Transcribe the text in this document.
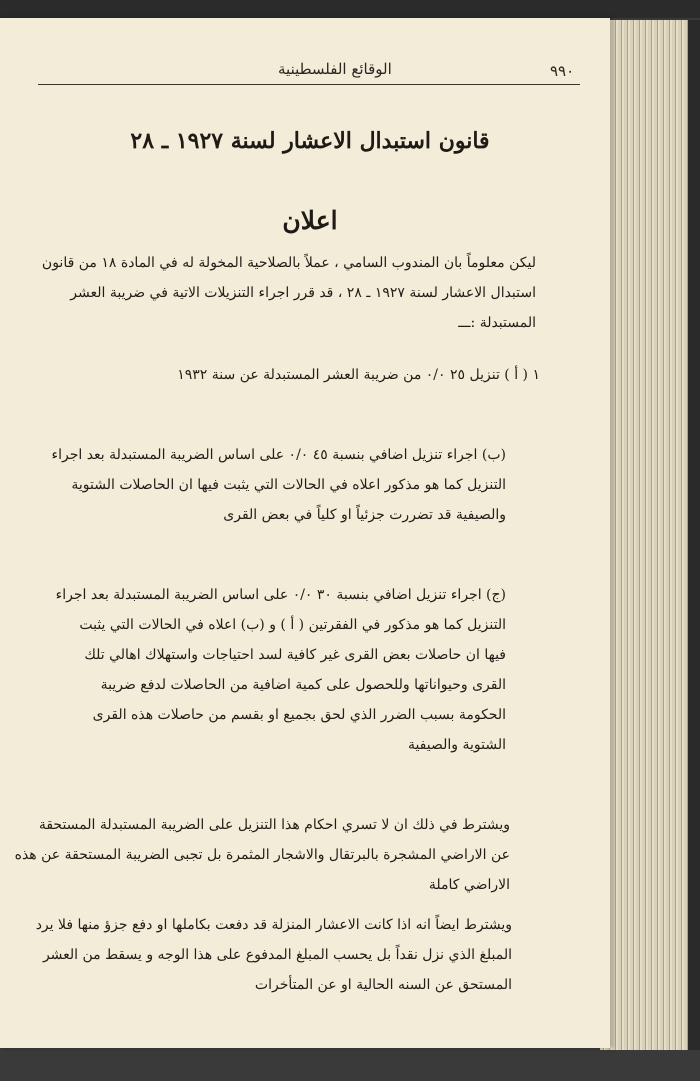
٩٩٠
الوقائع الفلسطينية
قانون استبدال الاعشار لسنة ١٩٢٧ ـ ٢٨
اعلان
ليكن معلوماً بان المندوب السامي ، عملاً بالصلاحية المخولة له في المادة ١٨ من قانون
استبدال الاعشار لسنة ١٩٢٧ ـ ٢٨ ، قد قرر اجراء التنزيلات الاتية في ضريبة العشر
المستبدلة :ـــ
١ ( أ ) تنزيل ٢٥ ٠/٠ من ضريبة العشر المستبدلة عن سنة ١٩٣٢
(ب) اجراء تنزيل اضافي بنسبة ٤٥ ٠/٠ على اساس الضريبة المستبدلة بعد اجراء
التنزيل كما هو مذكور اعلاه في الحالات التي يثبت فيها ان الحاصلات الشتوية
والصيفية قد تضررت جزئياً او كلياً في بعض القرى
(ج) اجراء تنزيل اضافي بنسبة ٣٠ ٠/٠ على اساس الضريبة المستبدلة بعد اجراء
التنزيل كما هو مذكور في الفقرتين ( أ ) و (ب) اعلاه في الحالات التي يثبت
فيها ان حاصلات بعض القرى غير كافية لسد احتياجات واستهلاك اهالي تلك
القرى وحيواناتها وللحصول على كمية اضافية من الحاصلات لدفع ضريبة
الحكومة بسبب الضرر الذي لحق بجميع او بقسم من حاصلات هذه القرى
الشتوية والصيفية
ويشترط في ذلك ان لا تسري احكام هذا التنزيل على الضريبة المستبدلة المستحقة
عن الاراضي المشجرة بالبرتقال والاشجار المثمرة بل تجبى الضريبة المستحقة عن هذه
الاراضي كاملة
ويشترط ايضاً انه اذا كانت الاعشار المنزلة قد دفعت بكاملها او دفع جزؤ منها فلا يرد
المبلغ الذي نزل نقداً بل يحسب المبلغ المدفوع على هذا الوجه و يسقط من العشر
المستحق عن السنه الحالية او عن المتأخرات
